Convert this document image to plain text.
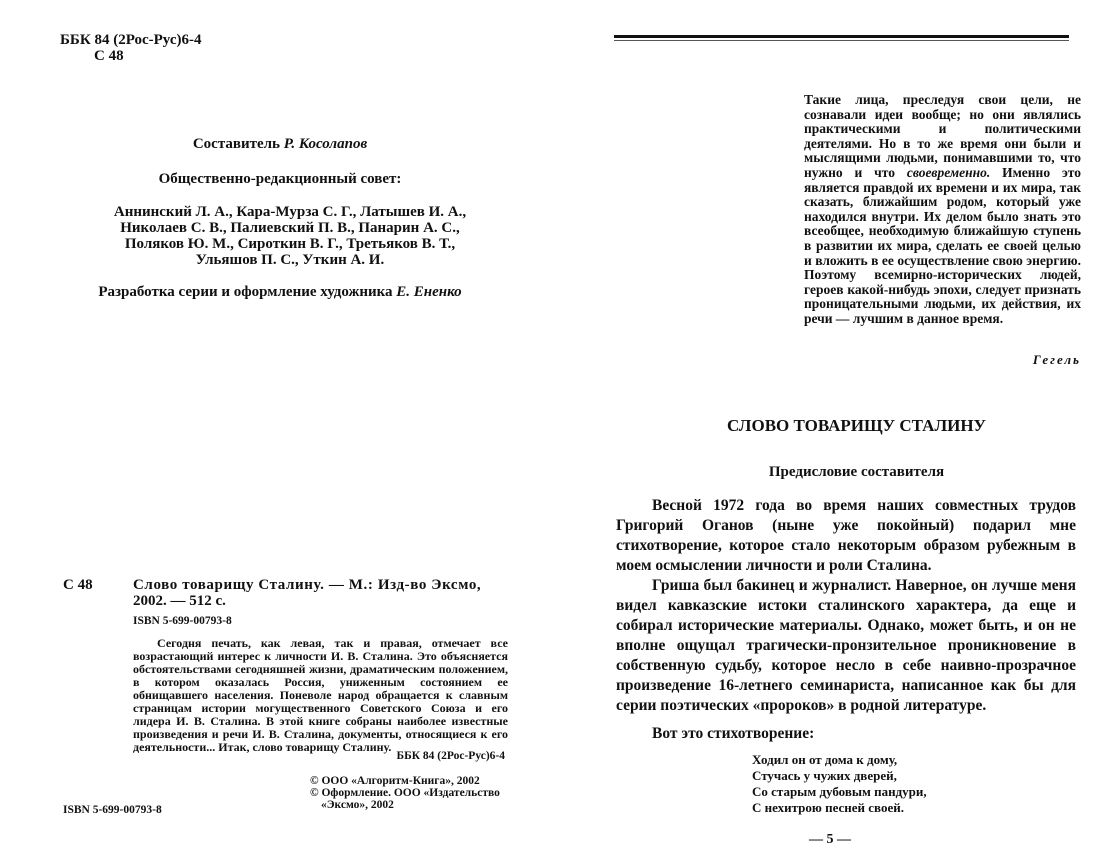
ББК 84 (2Рос-Рус)6-4
С 48
Составитель Р. Косолапов
Общественно-редакционный совет:
Аннинский Л. А., Кара-Мурза С. Г., Латышев И. А.,
Николаев С. В., Палиевский П. В., Панарин А. С.,
Поляков Ю. М., Сироткин В. Г., Третьяков В. Т.,
Ульяшов П. С., Уткин А. И.
Разработка серии и оформление художника Е. Ененко
С 48	Слово товарищу Сталину. — М.: Изд-во Эксмо,
2002. — 512 с.
ISBN 5-699-00793-8

Сегодня печать, как левая, так и правая, отмечает все возрастающий интерес к личности И. В. Сталина. Это объясняется обстоятельствами сегодняшней жизни, драматическим положением, в котором оказалась Россия, униженным состоянием ее обнищавшего населения. Поневоле народ обращается к славным страницам истории могущественного Советского Союза и его лидера И. В. Сталина. В этой книге собраны наиболее известные произведения и речи И. В. Сталина, документы, относящиеся к его деятельности... Итак, слово товарищу Сталину.

ББК 84 (2Рос-Рус)6-4
© ООО «Алгоритм-Книга», 2002
© Оформление. ООО «Издательство
«Эксмо», 2002
ISBN 5-699-00793-8

Такие лица, преследуя свои цели, не сознавали идеи вообще; но они являлись практическими и политическими деятелями. Но в то же время они были и мыслящими людьми, понимавшими то, что нужно и что своевременно. Именно это является правдой их времени и их мира, так сказать, ближайшим родом, который уже находился внутри. Их делом было знать это всеобщее, необходимую ближайшую ступень в развитии их мира, сделать ее своей целью и вложить в ее осуществление свою энергию. Поэтому всемирно-исторических людей, героев какой-нибудь эпохи, следует признать проницательными людьми, их действия, их речи — лучшим в данное время.

Гегель
СЛОВО ТОВАРИЩУ СТАЛИНУ
Предисловие составителя

Весной 1972 года во время наших совместных трудов Григорий Оганов (ныне уже покойный) подарил мне стихотворение, которое стало некоторым образом рубежным в моем осмыслении личности и роли Сталина.

Гриша был бакинец и журналист. Наверное, он лучше меня видел кавказские истоки сталинского характера, да еще и собирал исторические материалы. Однако, может быть, и он не вполне ощущал трагически-пронзительное проникновение в собственную судьбу, которое несло в себе наивно-прозрачное произведение 16-летнего семинариста, написанное как бы для серии поэтических «пророков» в родной литературе.

Вот это стихотворение:
Ходил он от дома к дому,
Стучась у чужих дверей,
Со старым дубовым пандури,
С нехитрою песней своей.
— 5 —
